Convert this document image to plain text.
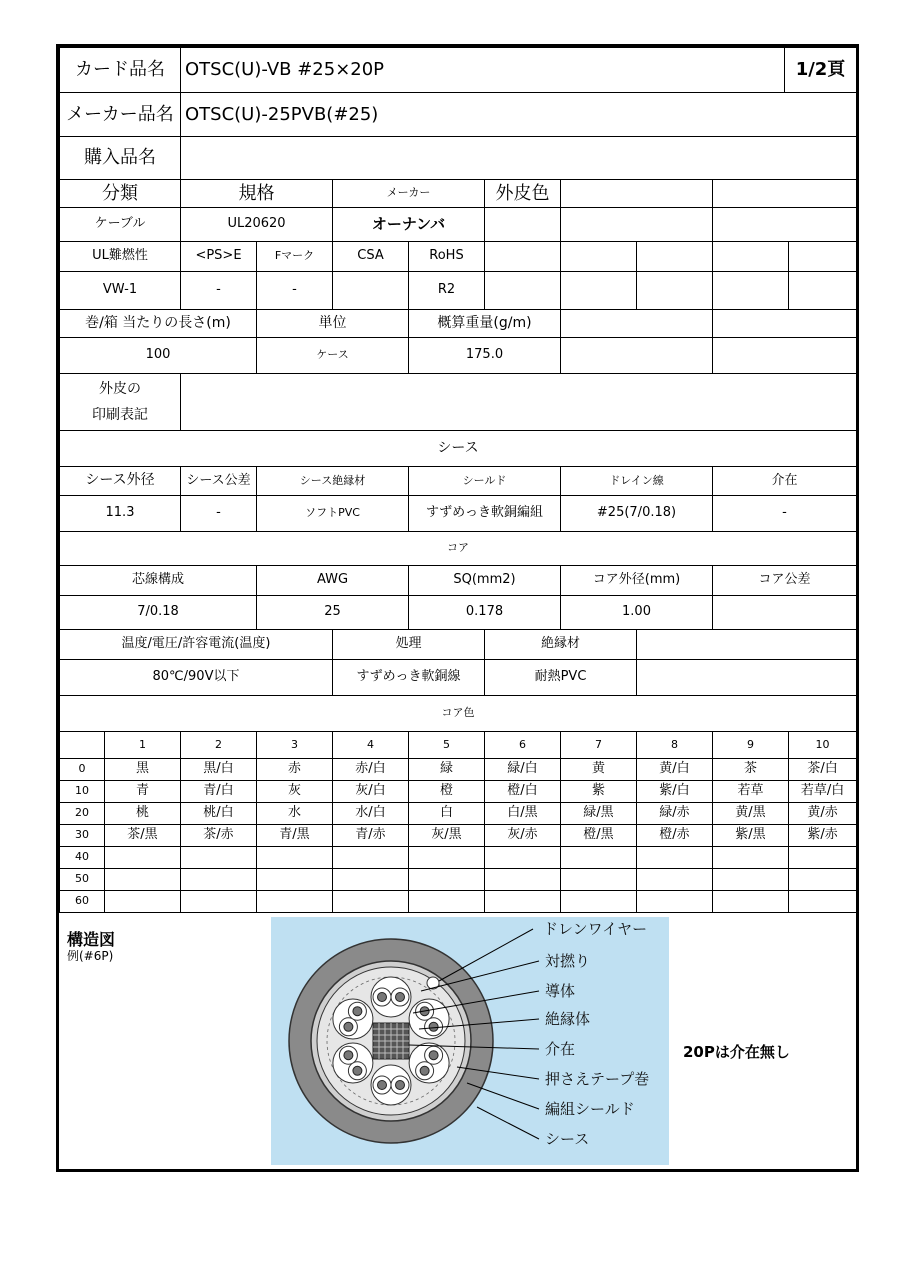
カード品名	OTSC(U)-VB #25×20P	1/2頁
メーカー品名	OTSC(U)-25PVB(#25)	
購入品名		
分類	規格	メーカー	外皮色		
ケーブル	UL20620	オーナンバ			
UL難燃性	<PS>E	Fマーク	CSA	RoHS					
VW-1	-	-		R2					
巻/箱 当たりの長さ(m)	単位	概算重量(g/m)		
100	ケース	175.0		
外皮の
印刷表記

シース					
シース外径	シース公差	シース絶縁材	シールド	ドレイン線	介在
11.3	-	ソフトPVC	すずめっき軟銅編組	#25(7/0.18)	-
コア				
芯線構成	AWG	SQ(mm2)	コア外径(mm)	コア公差
7/0.18	25	0.178	1.00	
温度/電圧/許容電流(温度)	処理	絶縁材	
80℃/90V以下	すずめっき軟銅線	耐熱PVC	
コア色										
	1	2	3	4	5	6	7	8	9	10
0	黒	黒/白	赤	赤/白	緑	緑/白	黄	黄/白	茶	茶/白
10	青	青/白	灰	灰/白	橙	橙/白	紫	紫/白	若草	若草/白
20	桃	桃/白	水	水/白	白	白/黒	緑/黒	緑/赤	黄/黒	黄/赤
30	茶/黒	茶/赤	青/黒	青/赤	灰/黒	灰/赤	橙/黒	橙/赤	紫/黒	紫/赤
40										
50										
60										
構造図
例(#6P)
ドレンワイヤー
対撚り
導体
絶縁体
介在
押さえテープ巻
編組シールド
シース
20Pは介在無し
